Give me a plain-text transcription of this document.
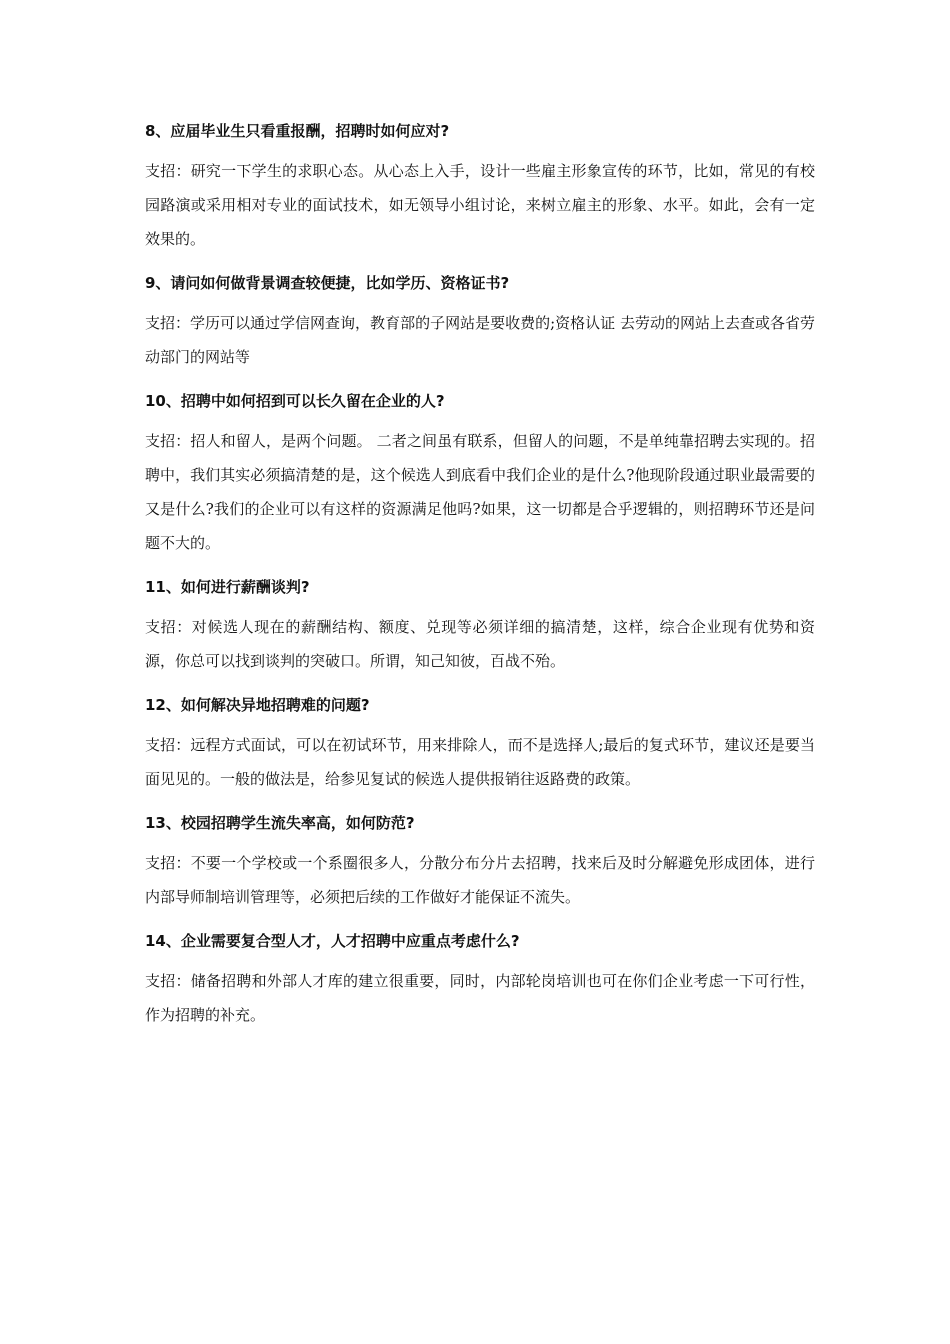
8、应届毕业生只看重报酬，招聘时如何应对?

支招：研究一下学生的求职心态。从心态上入手，设计一些雇主形象宣传的环节，比如，常见的有校园路演或采用相对专业的面试技术，如无领导小组讨论，来树立雇主的形象、水平。如此，会有一定效果的。

9、请问如何做背景调查较便捷，比如学历、资格证书?

支招：学历可以通过学信网查询，教育部的子网站是要收费的;资格认证 去劳动的网站上去查或各省劳动部门的网站等

10、招聘中如何招到可以长久留在企业的人?

支招：招人和留人，是两个问题。 二者之间虽有联系，但留人的问题，不是单纯靠招聘去实现的。招聘中，我们其实必须搞清楚的是，这个候选人到底看中我们企业的是什么?他现阶段通过职业最需要的又是什么?我们的企业可以有这样的资源满足他吗?如果，这一切都是合乎逻辑的，则招聘环节还是问题不大的。

11、如何进行薪酬谈判?

支招：对候选人现在的薪酬结构、额度、兑现等必须详细的搞清楚，这样，综合企业现有优势和资源，你总可以找到谈判的突破口。所谓，知己知彼，百战不殆。

12、如何解决异地招聘难的问题?

支招：远程方式面试，可以在初试环节，用来排除人，而不是选择人;最后的复式环节，建议还是要当面见见的。一般的做法是，给参见复试的候选人提供报销往返路费的政策。

13、校园招聘学生流失率高，如何防范?

支招：不要一个学校或一个系圈很多人，分散分布分片去招聘，找来后及时分解避免形成团体，进行内部导师制培训管理等，必须把后续的工作做好才能保证不流失。

14、企业需要复合型人才，人才招聘中应重点考虑什么?

支招：储备招聘和外部人才库的建立很重要，同时，内部轮岗培训也可在你们企业考虑一下可行性，作为招聘的补充。
